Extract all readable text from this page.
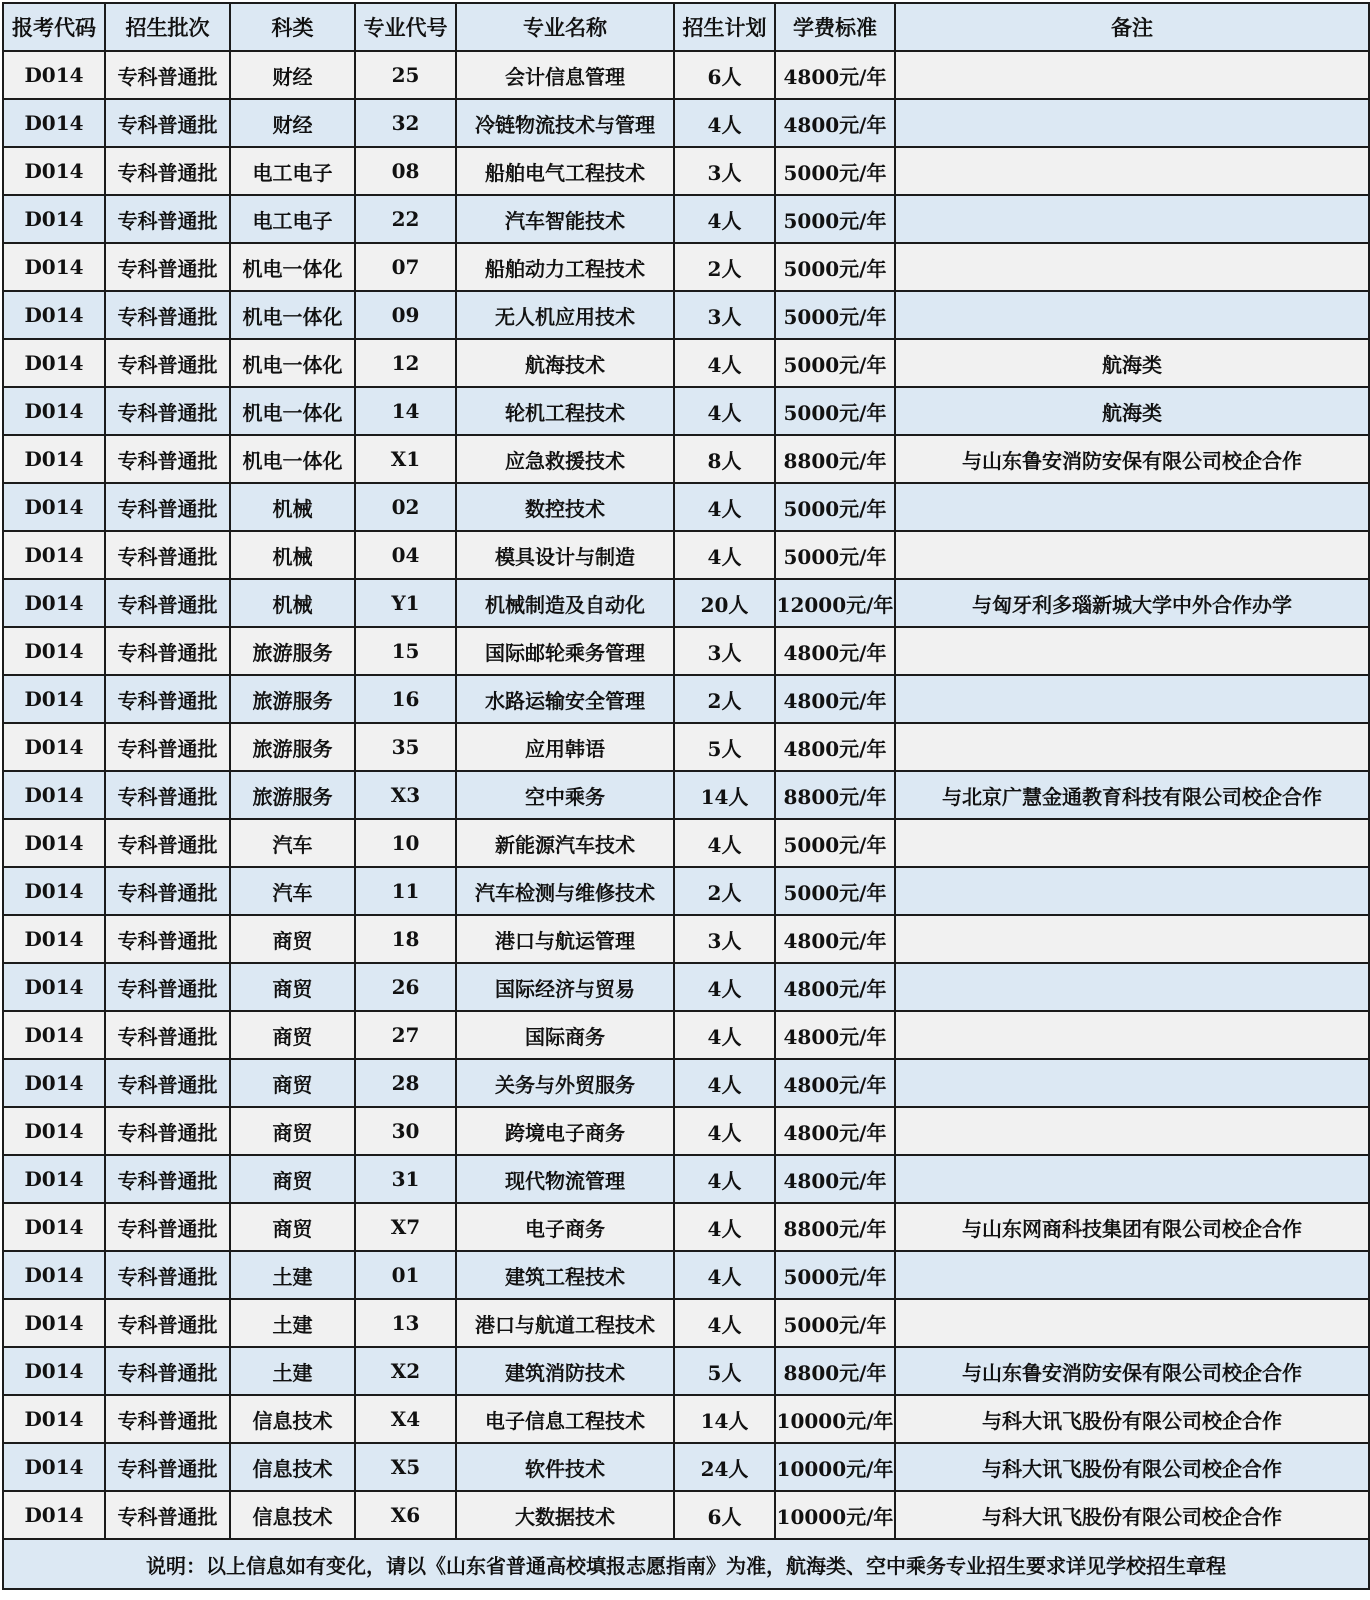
报考代码	招生批次	科类	专业代号	专业名称	招生计划	学费标准	备注
D014	专科普通批	财经	25	会计信息管理	6人	4800元/年	
D014	专科普通批	财经	32	冷链物流技术与管理	4人	4800元/年	
D014	专科普通批	电工电子	08	船舶电气工程技术	3人	5000元/年	
D014	专科普通批	电工电子	22	汽车智能技术	4人	5000元/年	
D014	专科普通批	机电一体化	07	船舶动力工程技术	2人	5000元/年	
D014	专科普通批	机电一体化	09	无人机应用技术	3人	5000元/年	
D014	专科普通批	机电一体化	12	航海技术	4人	5000元/年	航海类
D014	专科普通批	机电一体化	14	轮机工程技术	4人	5000元/年	航海类
D014	专科普通批	机电一体化	X1	应急救援技术	8人	8800元/年	与山东鲁安消防安保有限公司校企合作
D014	专科普通批	机械	02	数控技术	4人	5000元/年	
D014	专科普通批	机械	04	模具设计与制造	4人	5000元/年	
D014	专科普通批	机械	Y1	机械制造及自动化	20人	12000元/年	与匈牙利多瑙新城大学中外合作办学
D014	专科普通批	旅游服务	15	国际邮轮乘务管理	3人	4800元/年	
D014	专科普通批	旅游服务	16	水路运输安全管理	2人	4800元/年	
D014	专科普通批	旅游服务	35	应用韩语	5人	4800元/年	
D014	专科普通批	旅游服务	X3	空中乘务	14人	8800元/年	与北京广慧金通教育科技有限公司校企合作
D014	专科普通批	汽车	10	新能源汽车技术	4人	5000元/年	
D014	专科普通批	汽车	11	汽车检测与维修技术	2人	5000元/年	
D014	专科普通批	商贸	18	港口与航运管理	3人	4800元/年	
D014	专科普通批	商贸	26	国际经济与贸易	4人	4800元/年	
D014	专科普通批	商贸	27	国际商务	4人	4800元/年	
D014	专科普通批	商贸	28	关务与外贸服务	4人	4800元/年	
D014	专科普通批	商贸	30	跨境电子商务	4人	4800元/年	
D014	专科普通批	商贸	31	现代物流管理	4人	4800元/年	
D014	专科普通批	商贸	X7	电子商务	4人	8800元/年	与山东网商科技集团有限公司校企合作
D014	专科普通批	土建	01	建筑工程技术	4人	5000元/年	
D014	专科普通批	土建	13	港口与航道工程技术	4人	5000元/年	
D014	专科普通批	土建	X2	建筑消防技术	5人	8800元/年	与山东鲁安消防安保有限公司校企合作
D014	专科普通批	信息技术	X4	电子信息工程技术	14人	10000元/年	与科大讯飞股份有限公司校企合作
D014	专科普通批	信息技术	X5	软件技术	24人	10000元/年	与科大讯飞股份有限公司校企合作
D014	专科普通批	信息技术	X6	大数据技术	6人	10000元/年	与科大讯飞股份有限公司校企合作
说明：以上信息如有变化，请以《山东省普通高校填报志愿指南》为准，航海类、空中乘务专业招生要求详见学校招生章程							
